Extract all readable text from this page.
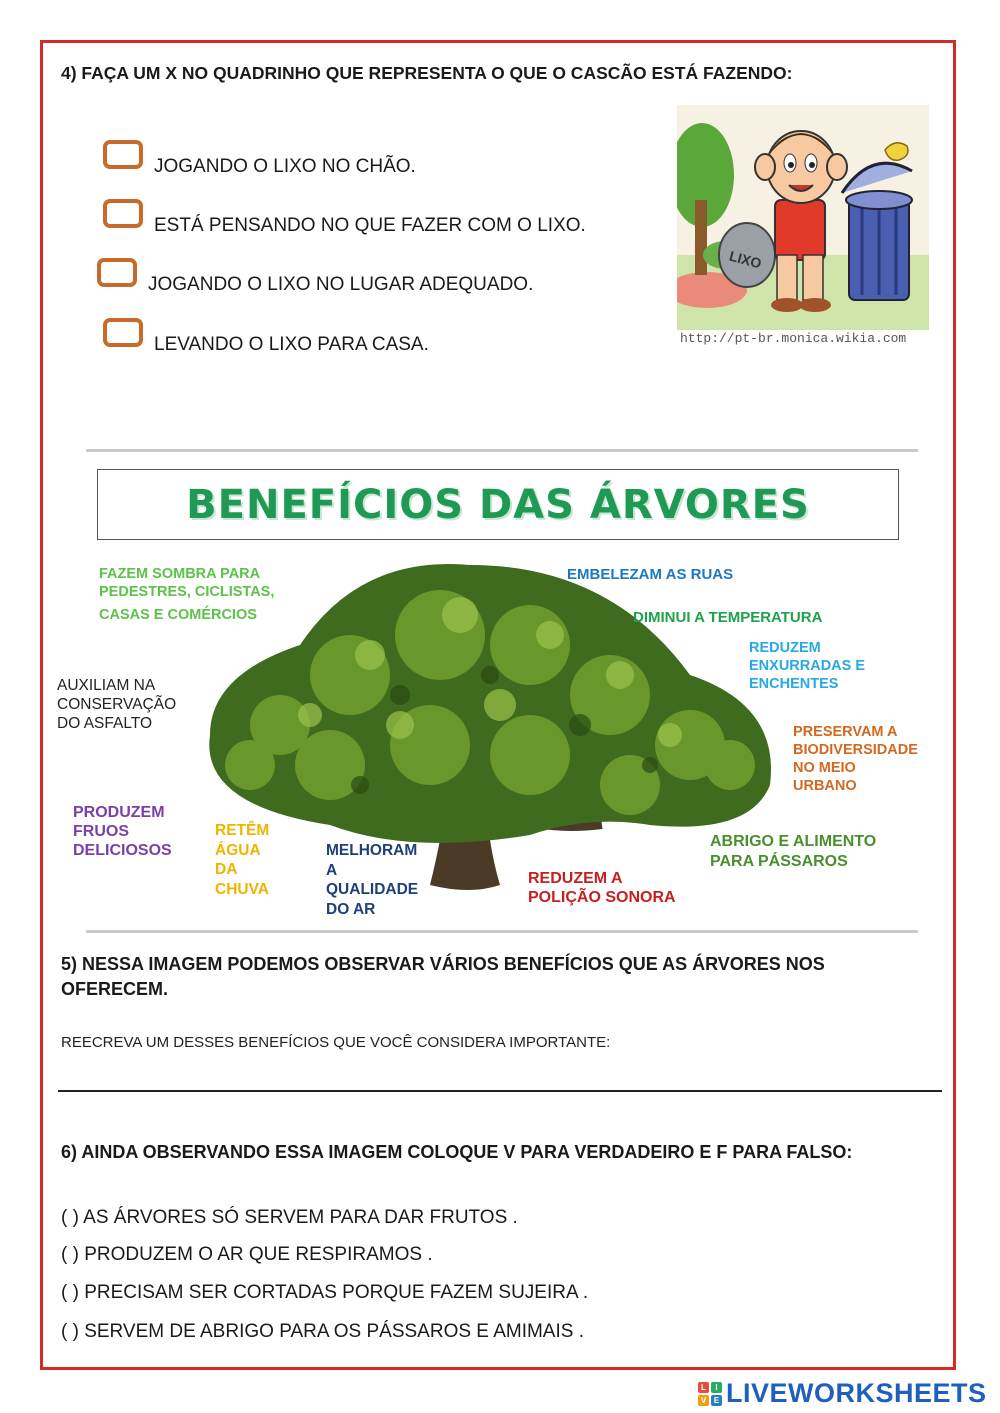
4) FAÇA UM X NO QUADRINHO QUE REPRESENTA O QUE O CASCÃO ESTÁ FAZENDO:
JOGANDO O LIXO NO CHÃO.
ESTÁ PENSANDO NO QUE FAZER COM O LIXO.
JOGANDO O LIXO NO LUGAR ADEQUADO.
LEVANDO O LIXO PARA CASA.
LIXO
http://pt-br.monica.wikia.com
BENEFÍCIOS DAS ÁRVORES
FAZEM SOMBRA PARA
PEDESTRES, CICLISTAS,
CASAS E COMÉRCIOS
EMBELEZAM AS RUAS
DIMINUI A TEMPERATURA
REDUZEM
ENXURRADAS E
ENCHENTES
AUXILIAM NA
CONSERVAÇÃO
DO ASFALTO	PRESERVAM A
BIODIVERSIDADE
NO MEIO
URBANO
PRODUZEM
FRUOS
DELICIOSOS
RETÊM
ÁGUA
DA
CHUVA
MELHORAM
A
QUALIDADE
DO AR
ABRIGO E ALIMENTO
PARA PÁSSAROS
REDUZEM A
POLIÇÃO SONORA
5) NESSA IMAGEM PODEMOS OBSERVAR VÁRIOS BENEFÍCIOS QUE AS ÁRVORES NOS OFERECEM.
REECREVA UM DESSES BENEFÍCIOS QUE VOCÊ CONSIDERA IMPORTANTE:
6) AINDA OBSERVANDO ESSA IMAGEM COLOQUE V PARA VERDADEIRO E F PARA FALSO:
( ) AS ÁRVORES SÓ SERVEM PARA DAR FRUTOS .
( ) PRODUZEM O AR QUE RESPIRAMOS .
( ) PRECISAM SER CORTADAS PORQUE FAZEM SUJEIRA .
( ) SERVEM DE ABRIGO PARA OS PÁSSAROS E AMIMAIS .
L	I
V E LIVEWORKSHEETS
